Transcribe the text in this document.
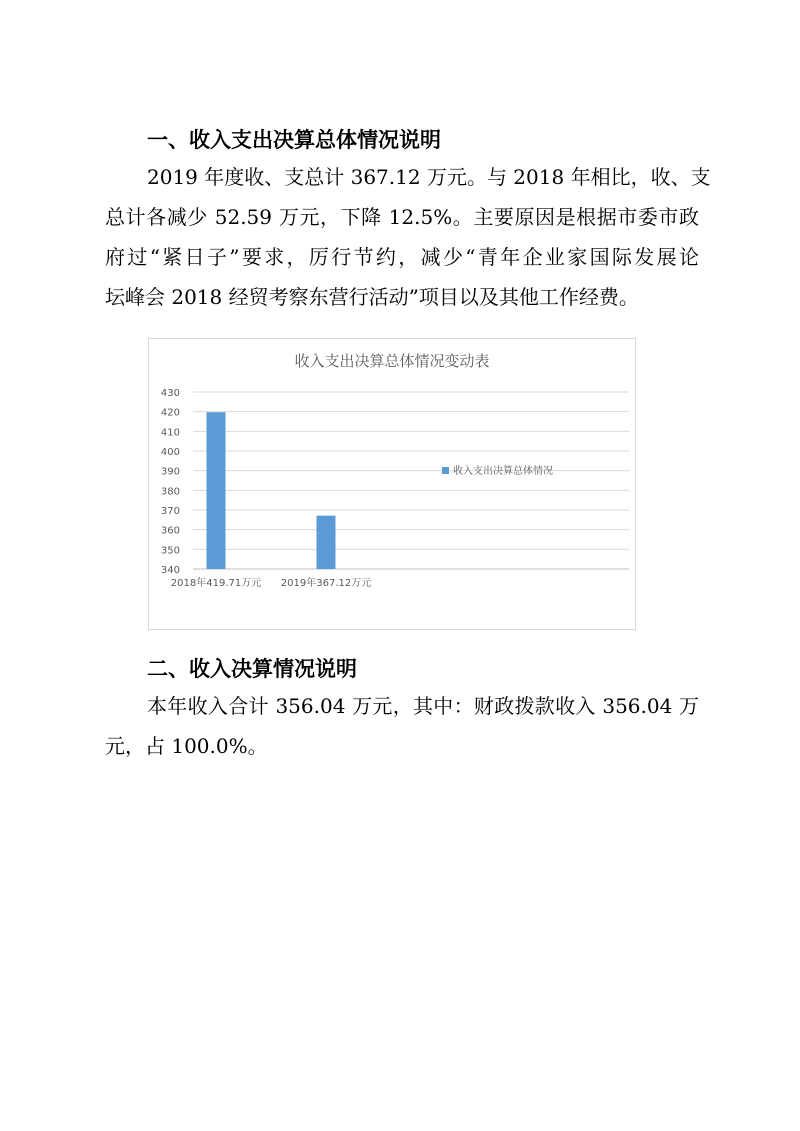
一、收入支出决算总体情况说明
2019 年度收、支总计 367.12 万元。与 2018 年相比，收、支
总计各减少 52.59 万元，下降 12.5%。主要原因是根据市委市政
府过“紧日子”要求，厉行节约，减少“青年企业家国际发展论
坛峰会 2018 经贸考察东营行活动”项目以及其他工作经费。
收入支出决算总体情况变动表
340
350
360
370
380
390
400
410
420
430
2018年419.71万元 2019年367.12万元
收入支出决算总体情况
二、收入决算情况说明
本年收入合计 356.04 万元，其中：财政拨款收入 356.04 万
元，占 100.0%。
